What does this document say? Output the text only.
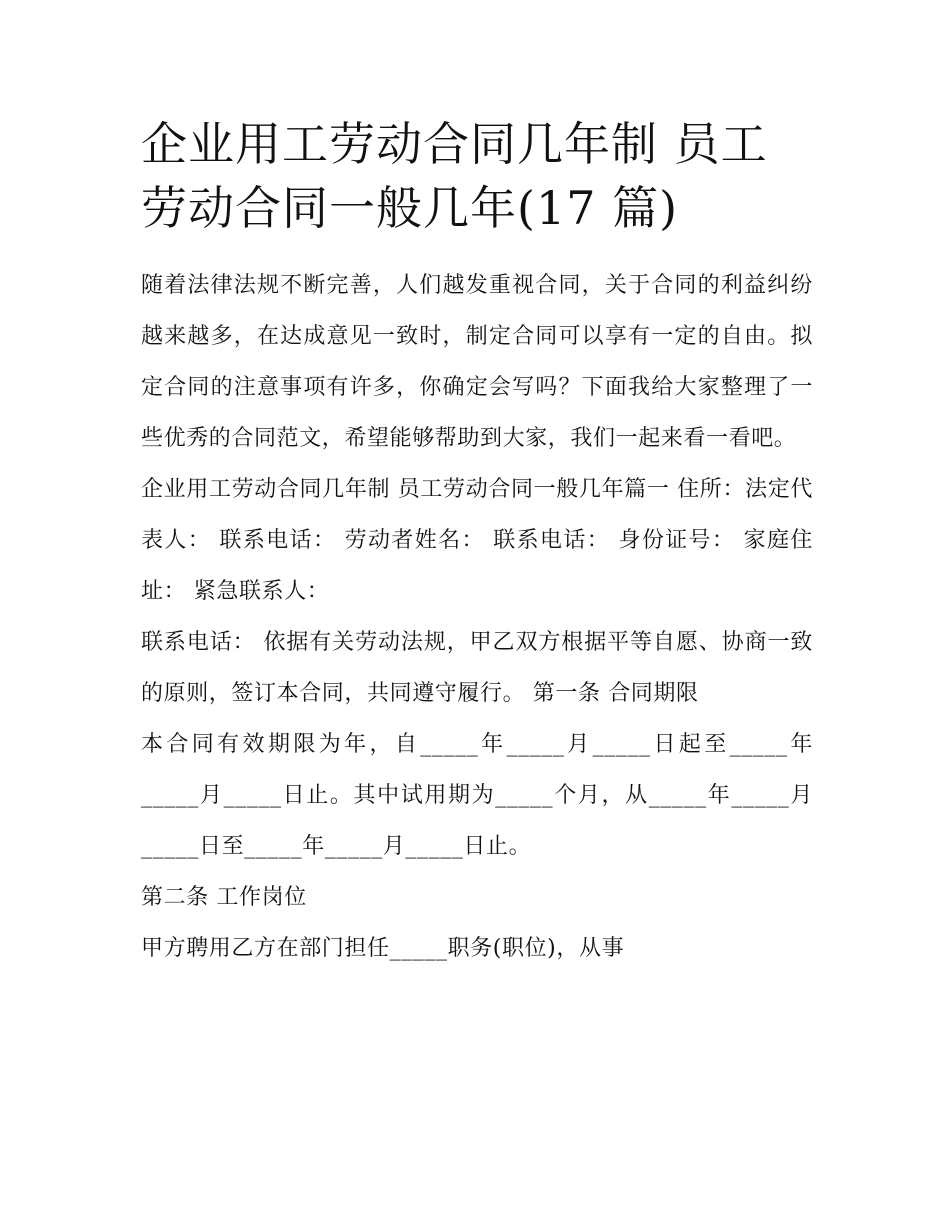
企业用工劳动合同几年制 员工
劳动合同一般几年(17 篇)

随着法律法规不断完善，人们越发重视合同，关于合同的利益纠纷越来越多，在达成意见一致时，制定合同可以享有一定的自由。拟定合同的注意事项有许多，你确定会写吗？下面我给大家整理了一些优秀的合同范文，希望能够帮助到大家，我们一起来看一看吧。

企业用工劳动合同几年制 员工劳动合同一般几年篇一 住所：法定代表人： 联系电话： 劳动者姓名： 联系电话： 身份证号： 家庭住址： 紧急联系人：

联系电话： 依据有关劳动法规，甲乙双方根据平等自愿、协商一致的原则，签订本合同，共同遵守履行。 第一条 合同期限

本合同有效期限为年，自_____年_____月_____日起至_____年_____月_____日止。其中试用期为_____个月，从_____年_____月_____日至_____年_____月_____日止。

第二条 工作岗位

甲方聘用乙方在部门担任_____职务(职位)，从事
